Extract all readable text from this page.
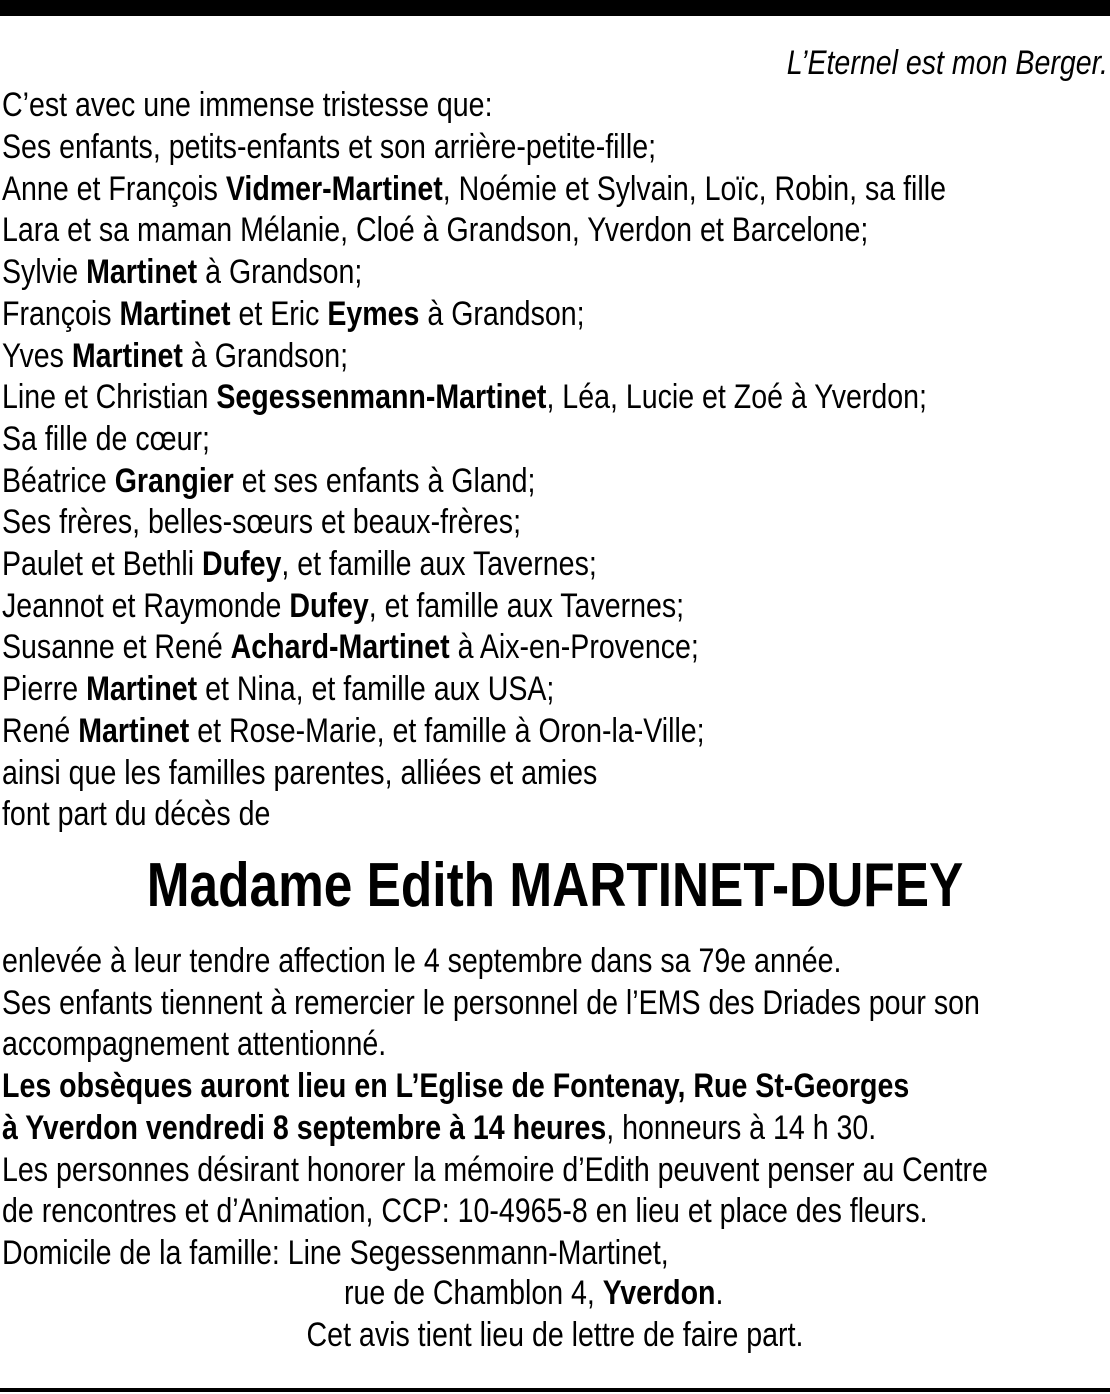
L’Eternel est mon Berger.
C’est avec une immense tristesse que:
Ses enfants, petits-enfants et son arrière-petite-fille;
Anne et François Vidmer-Martinet, Noémie et Sylvain, Loïc, Robin, sa fille
Lara et sa maman Mélanie, Cloé à Grandson, Yverdon et Barcelone;
Sylvie Martinet à Grandson;
François Martinet et Eric Eymes à Grandson;
Yves Martinet à Grandson;
Line et Christian Segessenmann-Martinet, Léa, Lucie et Zoé à Yverdon;
Sa fille de cœur;
Béatrice Grangier et ses enfants à Gland;
Ses frères, belles-sœurs et beaux-frères;
Paulet et Bethli Dufey, et famille aux Tavernes;
Jeannot et Raymonde Dufey, et famille aux Tavernes;
Susanne et René Achard-Martinet à Aix-en-Provence;
Pierre Martinet et Nina, et famille aux USA;
René Martinet et Rose-Marie, et famille à Oron-la-Ville;
ainsi que les familles parentes, alliées et amies
font part du décès de
Madame Edith MARTINET-DUFEY
enlevée à leur tendre affection le 4 septembre dans sa 79e année.
Ses enfants tiennent à remercier le personnel de l’EMS des Driades pour son
accompagnement attentionné.
Les obsèques auront lieu en L’Eglise de Fontenay, Rue St-Georges
à Yverdon vendredi 8 septembre à 14 heures, honneurs à 14 h 30.
Les personnes désirant honorer la mémoire d’Edith peuvent penser au Centre
de rencontres et d’Animation, CCP: 10-4965-8 en lieu et place des fleurs.
Domicile de la famille: Line Segessenmann-Martinet,
rue de Chamblon 4, Yverdon.
Cet avis tient lieu de lettre de faire part.
